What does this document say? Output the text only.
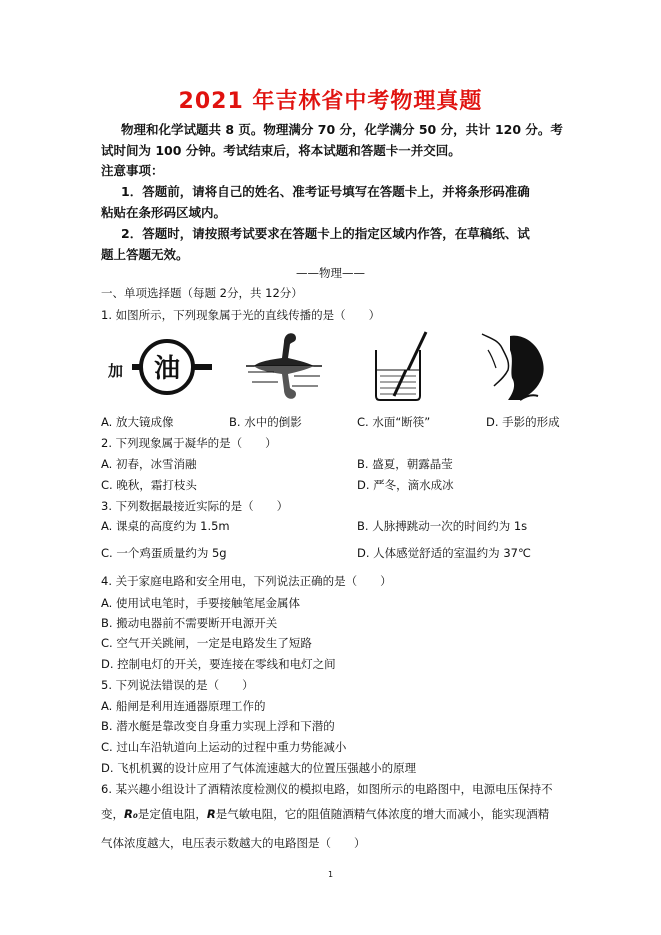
2021 年吉林省中考物理真题
物理和化学试题共 8 页。物理满分 70 分，化学满分 50 分，共计 120 分。考
试时间为 100 分钟。考试结束后，将本试题和答题卡一并交回。
注意事项：
1．答题前，请将自己的姓名、准考证号填写在答题卡上，并将条形码准确
粘贴在条形码区域内。
2．答题时，请按照考试要求在答题卡上的指定区域内作答，在草稿纸、试
题上答题无效。
——物理——
一、单项选择题（每题 2分，共 12分）
1. 如图所示，下列现象属于光的直线传播的是（　　）
加 油
A. 放大镜成像	B. 水中的倒影	C. 水面“断筷”	D. 手影的形成
2. 下列现象属于凝华的是（　　）
A. 初春，冰雪消融	B. 盛夏，朝露晶莹
C. 晚秋，霜打枝头	D. 严冬，滴水成冰
3. 下列数据最接近实际的是（　　）
A. 课桌的高度约为 1.5m	B. 人脉搏跳动一次的时间约为 1s
C. 一个鸡蛋质量约为 5g	D. 人体感觉舒适的室温约为 37℃
4. 关于家庭电路和安全用电，下列说法正确的是（　　）
A. 使用试电笔时，手要接触笔尾金属体
B. 搬动电器前不需要断开电源开关
C. 空气开关跳闸，一定是电路发生了短路
D. 控制电灯的开关，要连接在零线和电灯之间
5. 下列说法错误的是（　　）
A. 船闸是利用连通器原理工作的
B. 潜水艇是靠改变自身重力实现上浮和下潜的
C. 过山车沿轨道向上运动的过程中重力势能减小
D. 飞机机翼的设计应用了气体流速越大的位置压强越小的原理
6. 某兴趣小组设计了酒精浓度检测仪的模拟电路，如图所示的电路图中，电源电压保持不
变，R₀是定值电阻，R是气敏电阻，它的阻值随酒精气体浓度的增大而减小，能实现酒精
气体浓度越大，电压表示数越大的电路图是（　　）
1
